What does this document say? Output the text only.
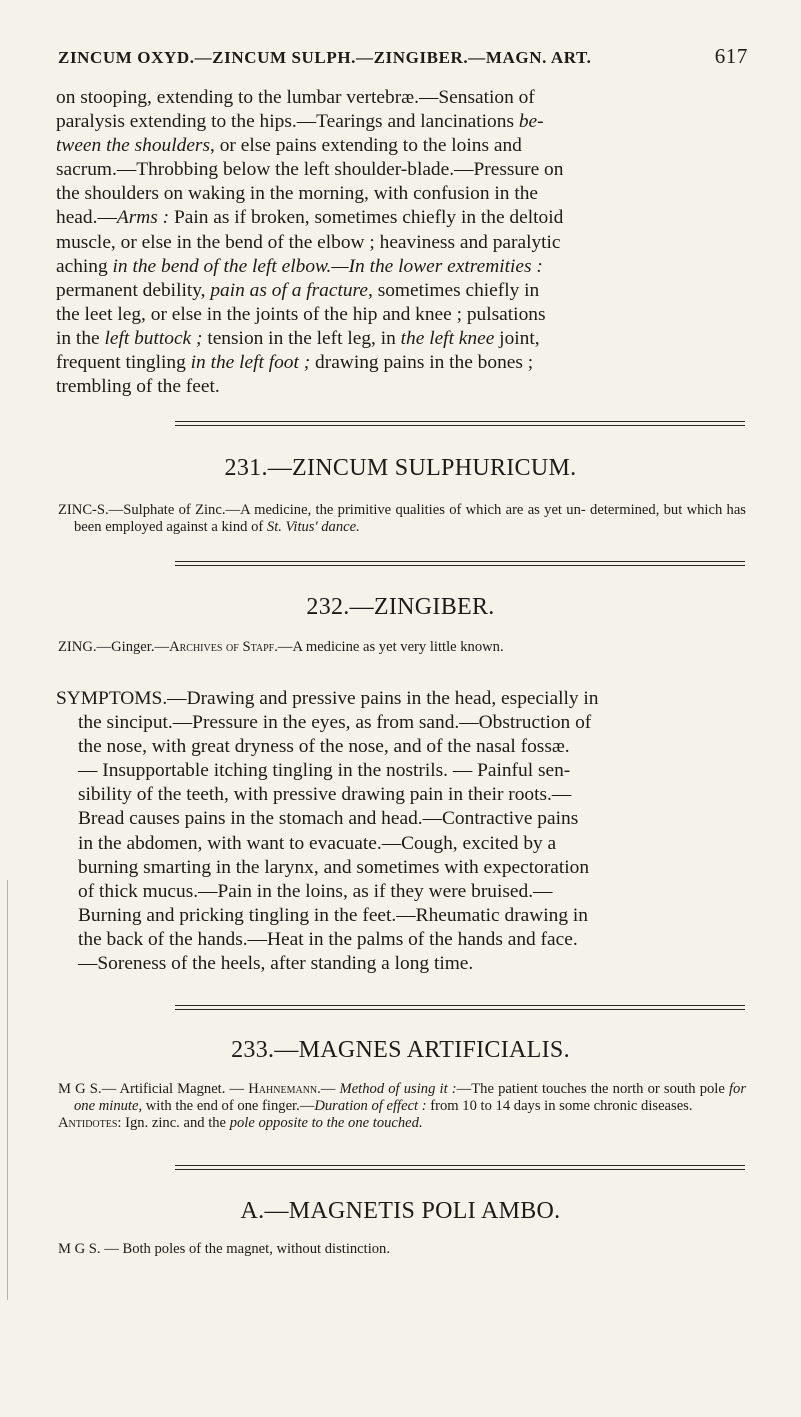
ZINCUM OXYD.—ZINCUM SULPH.—ZINGIBER.—MAGN. ART.	617

on stooping, extending to the lumbar vertebræ.—Sensation of

paralysis extending to the hips.—Tearings and lancinations be-

tween the shoulders, or else pains extending to the loins and

sacrum.—Throbbing below the left shoulder-blade.—Pressure on

the shoulders on waking in the morning, with confusion in the

head.—Arms : Pain as if broken, sometimes chiefly in the deltoid

muscle, or else in the bend of the elbow ; heaviness and paralytic

aching in the bend of the left elbow.—In the lower extremities :

permanent debility, pain as of a fracture, sometimes chiefly in

the leet leg, or else in the joints of the hip and knee ; pulsations

in the left buttock ; tension in the left leg, in the left knee joint,

frequent tingling in the left foot ; drawing pains in the bones ;

trembling of the feet.

231.—ZINCUM SULPHURICUM.

ZINC-S.—Sulphate of Zinc.—A medicine, the primitive qualities of which are as yet un- determined, but which has been employed against a kind of St. Vitus' dance.

232.—ZINGIBER.

ZING.—Ginger.—Archives of Stapf.—A medicine as yet very little known.

SYMPTOMS.—Drawing and pressive pains in the head, especially in

the sinciput.—Pressure in the eyes, as from sand.—Obstruction of

the nose, with great dryness of the nose, and of the nasal fossæ.

— Insupportable itching tingling in the nostrils. — Painful sen-

sibility of the teeth, with pressive drawing pain in their roots.—

Bread causes pains in the stomach and head.—Contractive pains

in the abdomen, with want to evacuate.—Cough, excited by a

burning smarting in the larynx, and sometimes with expectoration

of thick mucus.—Pain in the loins, as if they were bruised.—

Burning and pricking tingling in the feet.—Rheumatic drawing in

the back of the hands.—Heat in the palms of the hands and face.

—Soreness of the heels, after standing a long time.

233.—MAGNES ARTIFICIALIS.

M G S.— Artificial Magnet. — Hahnemann.— Method of using it :—The patient touches the north or south pole for one minute, with the end of one finger.—Duration of effect : from 10 to 14 days in some chronic diseases.

Antidotes: Ign. zinc. and the pole opposite to the one touched.

A.—MAGNETIS POLI AMBO.

M G S. — Both poles of the magnet, without distinction.
